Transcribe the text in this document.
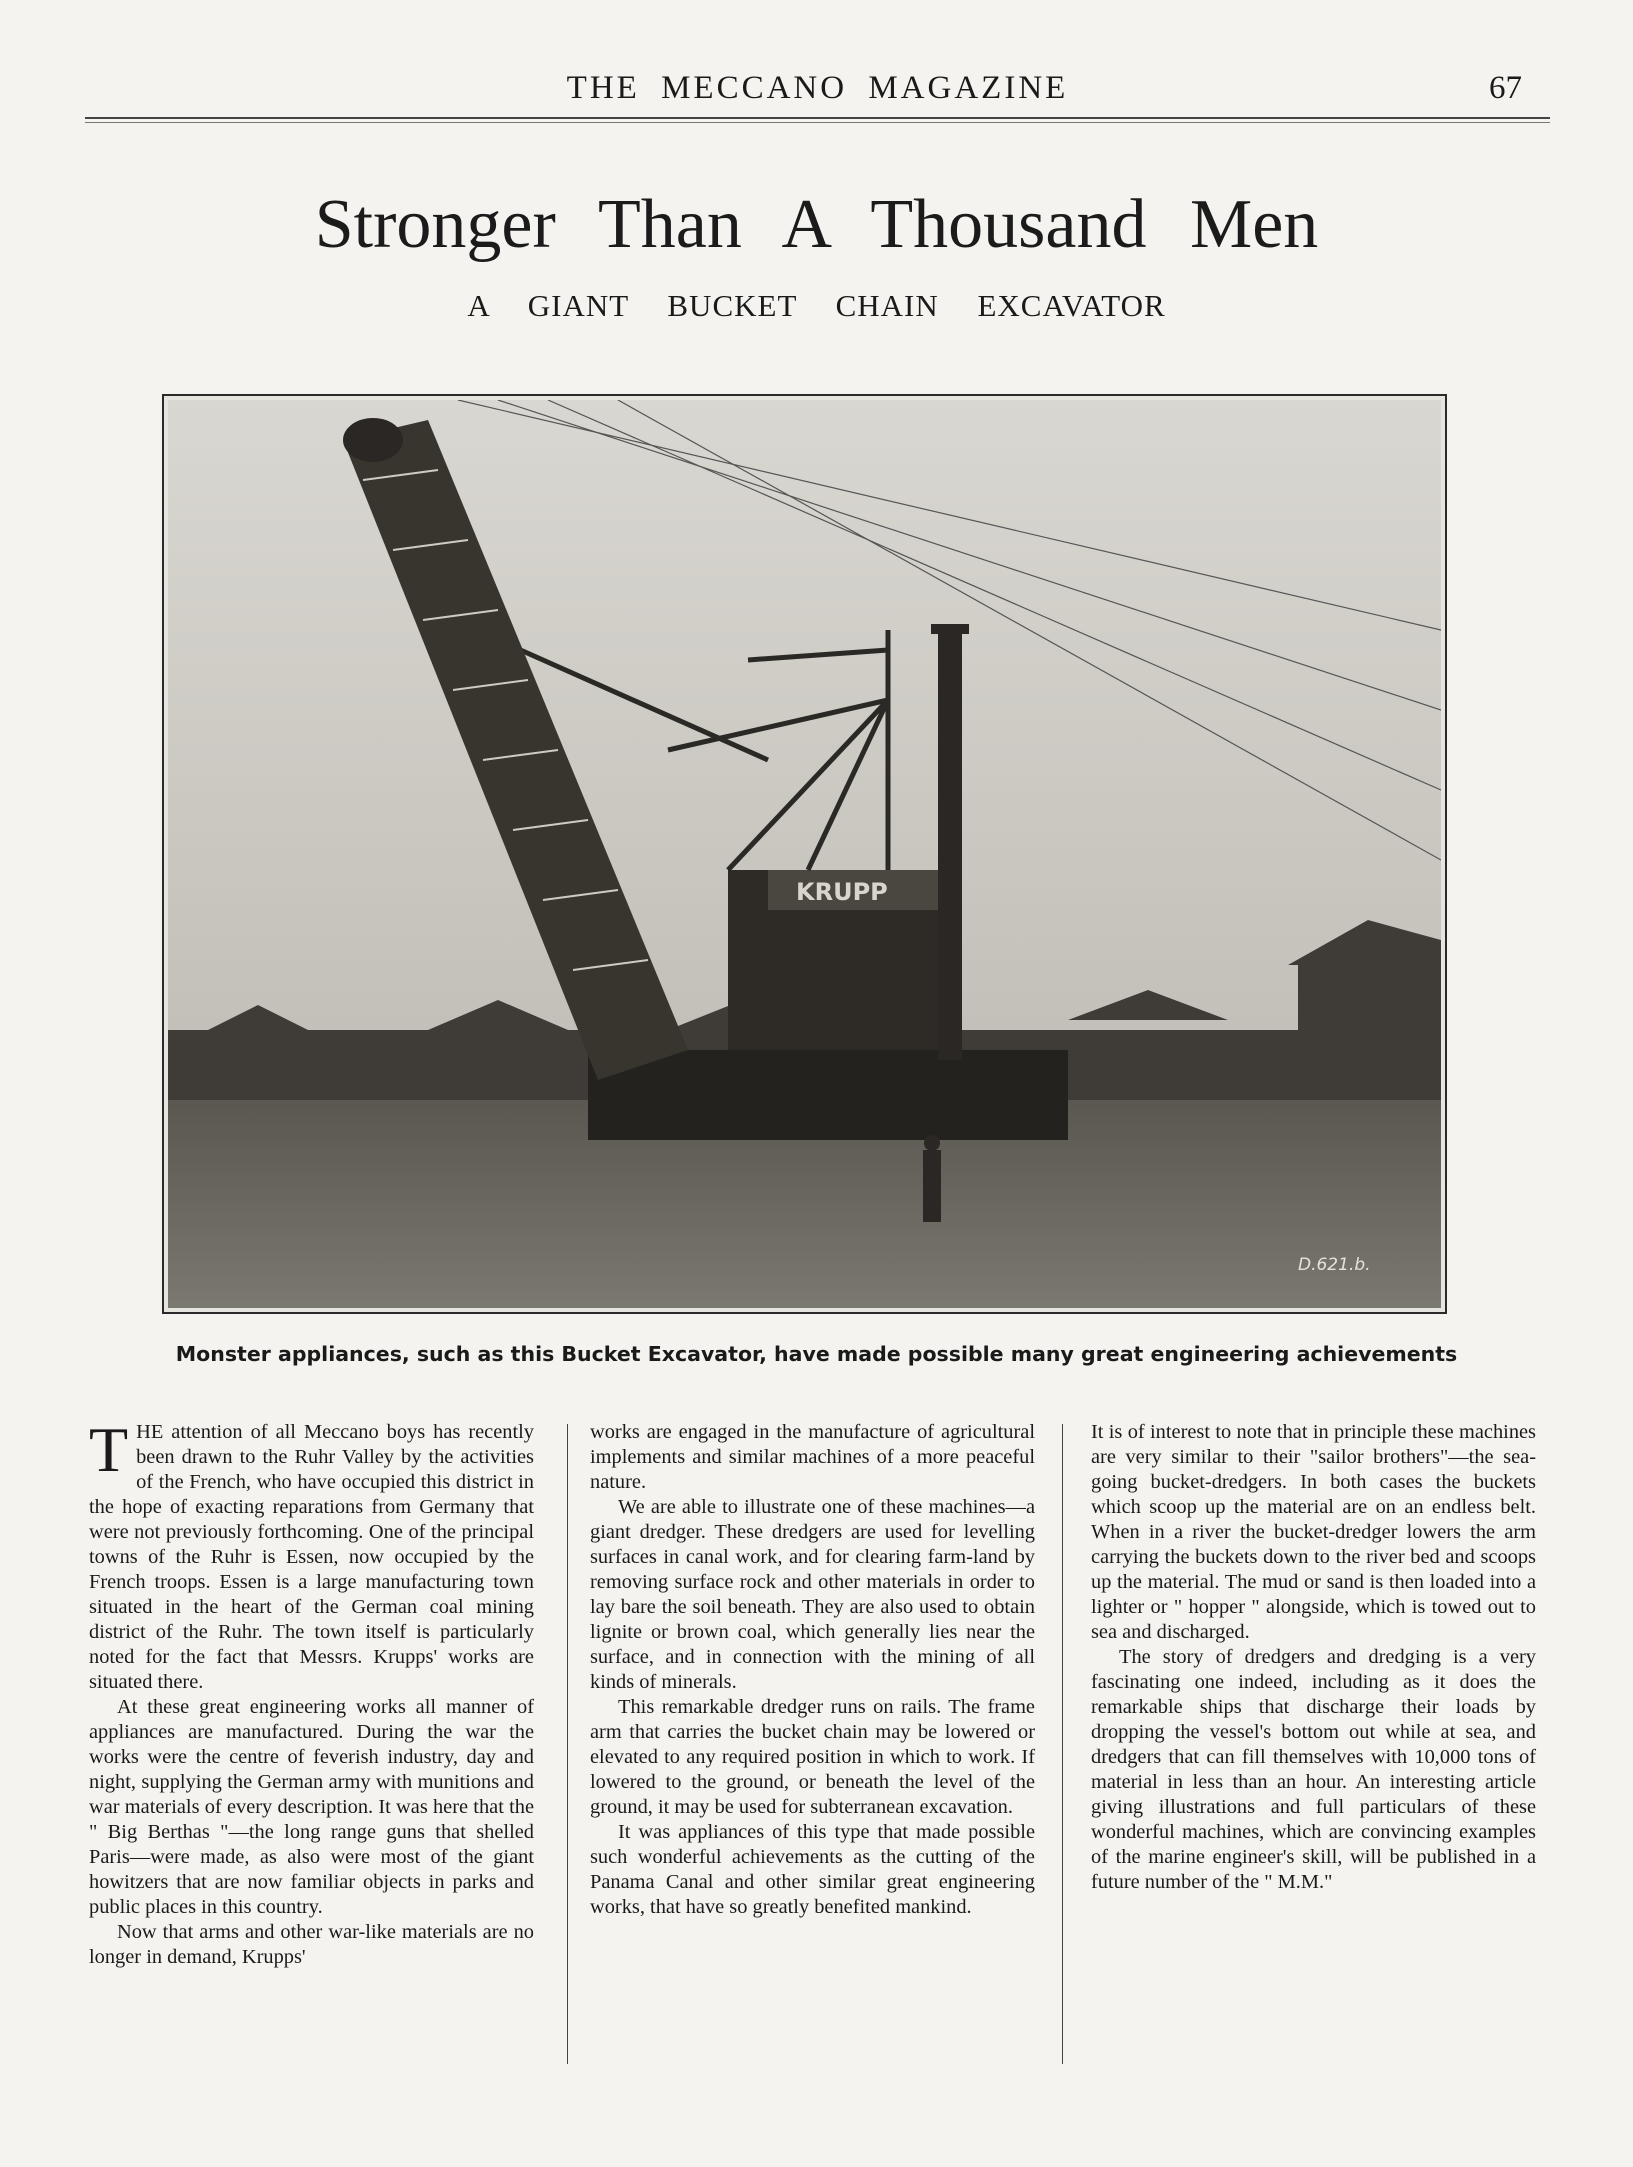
THE MECCANO MAGAZINE	67
Stronger Than A Thousand Men
A GIANT BUCKET CHAIN EXCAVATOR
KRUPP
D.621.b.
Monster appliances, such as this Bucket Excavator, have made possible many great engineering achievements

THE attention of all Meccano boys has recently been drawn to the Ruhr Valley by the activities of the French, who have occupied this district in the hope of exacting reparations from Germany that were not previously forthcoming. One of the principal towns of the Ruhr is Essen, now occupied by the French troops. Essen is a large manufacturing town situated in the heart of the German coal mining district of the Ruhr. The town itself is particularly noted for the fact that Messrs. Krupps' works are situated there.

At these great engineering works all manner of appliances are manufactured. During the war the works were the centre of feverish industry, day and night, supplying the German army with munitions and war materials of every description. It was here that the " Big Berthas "—the long range guns that shelled Paris—were made, as also were most of the giant howitzers that are now familiar objects in parks and public places in this country.

Now that arms and other war-like materials are no longer in demand, Krupps'

works are engaged in the manufacture of agricultural implements and similar machines of a more peaceful nature.

We are able to illustrate one of these machines—a giant dredger. These dredgers are used for levelling surfaces in canal work, and for clearing farm-land by removing surface rock and other materials in order to lay bare the soil beneath. They are also used to obtain lignite or brown coal, which generally lies near the surface, and in connection with the mining of all kinds of minerals.

This remarkable dredger runs on rails. The frame arm that carries the bucket chain may be lowered or elevated to any required position in which to work. If lowered to the ground, or beneath the level of the ground, it may be used for subterranean excavation.

It was appliances of this type that made possible such wonderful achievements as the cutting of the Panama Canal and other similar great engineering works, that have so greatly benefited mankind.

It is of interest to note that in principle these machines are very similar to their "sailor brothers"—the sea-going bucket-dredgers. In both cases the buckets which scoop up the material are on an endless belt. When in a river the bucket-dredger lowers the arm carrying the buckets down to the river bed and scoops up the material. The mud or sand is then loaded into a lighter or " hopper " alongside, which is towed out to sea and discharged.

The story of dredgers and dredging is a very fascinating one indeed, including as it does the remarkable ships that discharge their loads by dropping the vessel's bottom out while at sea, and dredgers that can fill themselves with 10,000 tons of material in less than an hour. An interesting article giving illustrations and full particulars of these wonderful machines, which are convincing examples of the marine engineer's skill, will be published in a future number of the " M.M."
